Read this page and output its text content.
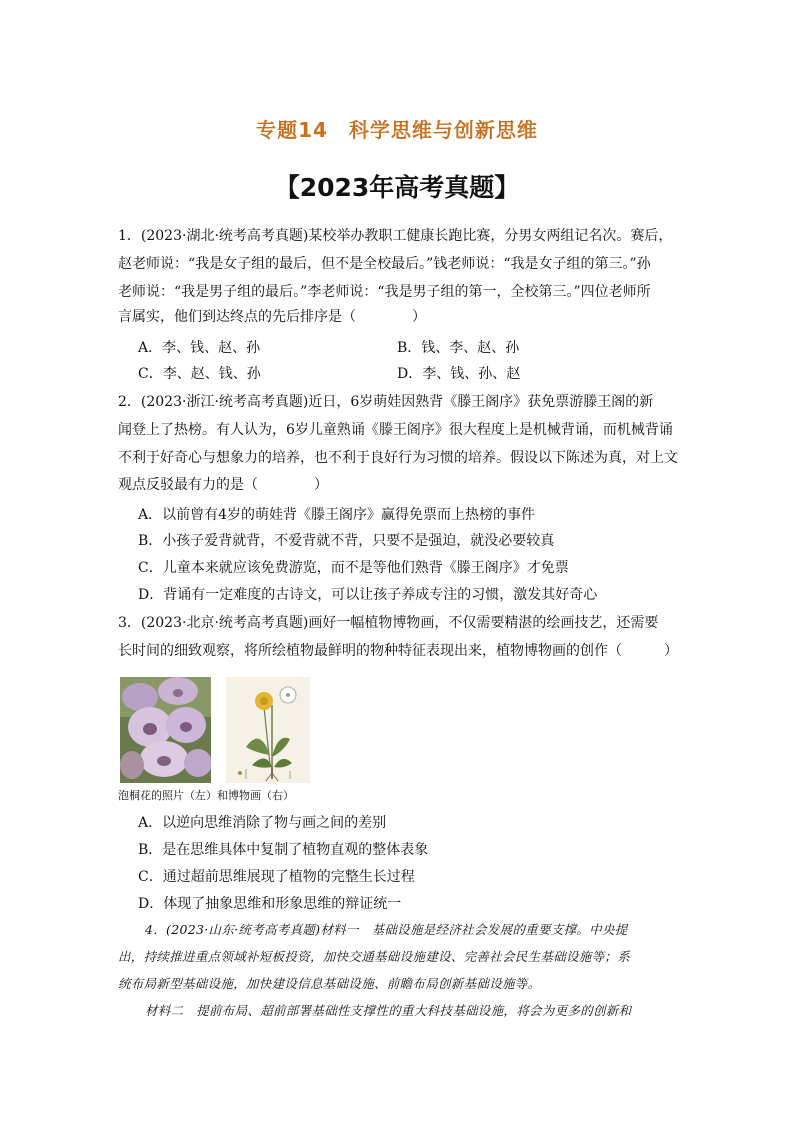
专题14　科学思维与创新思维
【2023年高考真题】
1．(2023·湖北·统考高考真题)某校举办教职工健康长跑比赛，分男女两组记名次。赛后，
赵老师说：“我是女子组的最后，但不是全校最后。”钱老师说：“我是女子组的第三。”孙
老师说：“我是男子组的最后。”李老师说：“我是男子组的第一，全校第三。”四位老师所
言属实，他们到达终点的先后排序是（　　　　）
A．李、钱、赵、孙	B．钱、李、赵、孙
C．李、赵、钱、孙	D．李、钱、孙、赵
2．(2023·浙江·统考高考真题)近日，6岁萌娃因熟背《滕王阁序》获免票游滕王阁的新
闻登上了热榜。有人认为，6岁儿童熟诵《滕王阁序》很大程度上是机械背诵，而机械背诵
不利于好奇心与想象力的培养，也不利于良好行为习惯的培养。假设以下陈述为真，对上文
观点反驳最有力的是（　　　　）
A．以前曾有4岁的萌娃背《滕王阁序》赢得免票而上热榜的事件
B．小孩子爱背就背，不爱背就不背，只要不是强迫，就没必要较真
C．儿童本来就应该免费游览，而不是等他们熟背《滕王阁序》才免票
D．背诵有一定难度的古诗文，可以让孩子养成专注的习惯，激发其好奇心
3．(2023·北京·统考高考真题)画好一幅植物博物画，不仅需要精湛的绘画技艺，还需要
长时间的细致观察，将所绘植物最鲜明的物种特征表现出来，植物博物画的创作（　　　）
泡桐花的照片（左）和博物画（右）
A．以逆向思维消除了物与画之间的差别
B．是在思维具体中复制了植物直观的整体表象
C．通过超前思维展现了植物的完整生长过程
D．体现了抽象思维和形象思维的辩证统一
4．(2023·山东·统考高考真题)材料一　基础设施是经济社会发展的重要支撑。中央提
出，持续推进重点领域补短板投资，加快交通基础设施建设、完善社会民生基础设施等；系
统布局新型基础设施，加快建设信息基础设施、前瞻布局创新基础设施等。
材料二　提前布局、超前部署基础性支撑性的重大科技基础设施，将会为更多的创新和
